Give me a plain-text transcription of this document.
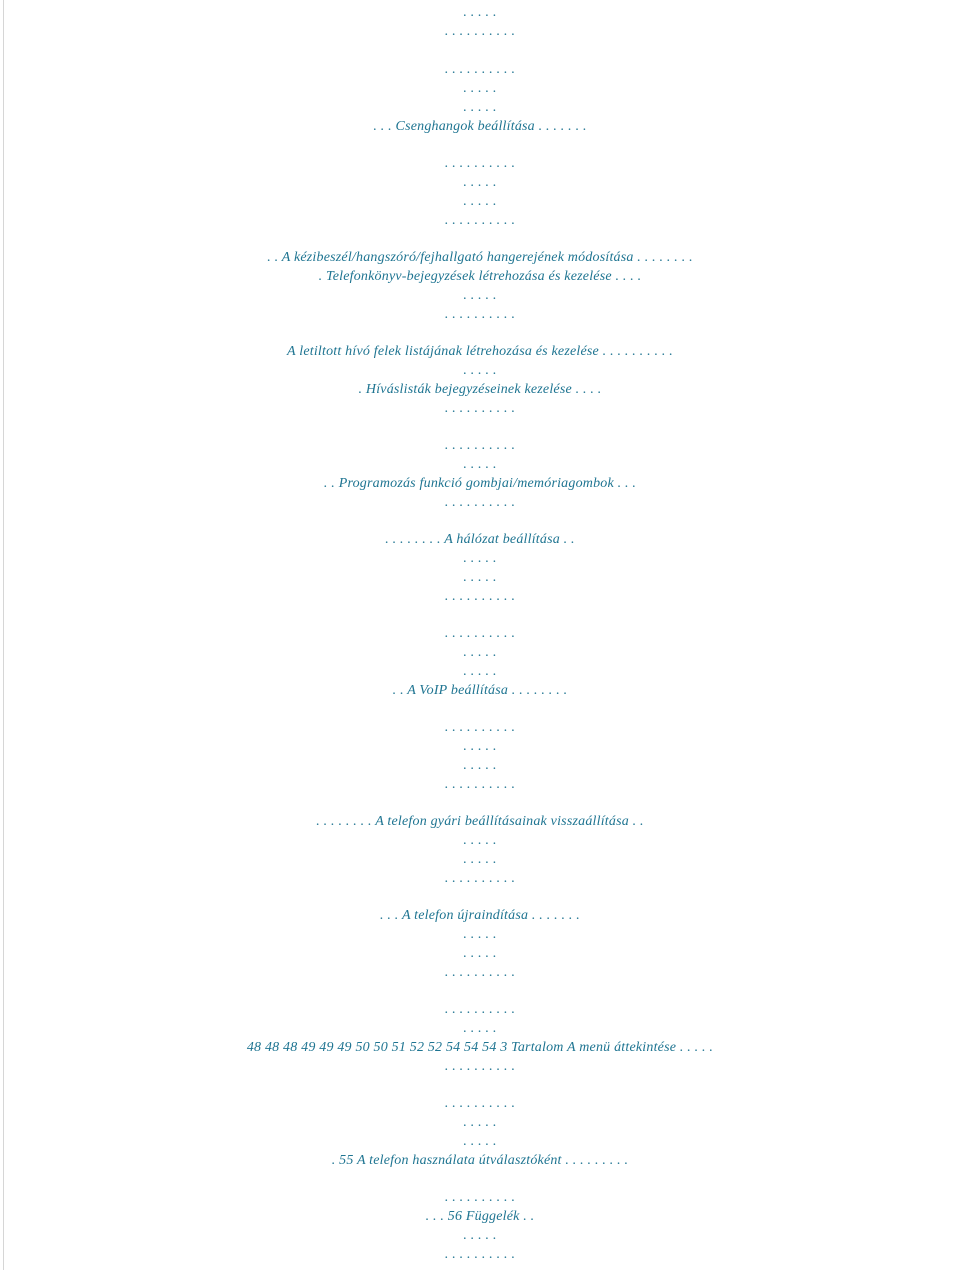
. . . . .
. . . . . . . . . .
. . . . . . . . . .
. . . . .
. . . . .
. . . Csenghangok beállítása . . . . . . .
. . . . . . . . . .
. . . . .
. . . . .
. . . . . . . . . .
. . A kézibeszél/hangszóró/fejhallgató hangerejének módosítása . . . . . . . .
. Telefonkönyv-bejegyzések létrehozása és kezelése . . . .
. . . . .
. . . . . . . . . .
A letiltott hívó felek listájának létrehozása és kezelése . . . . . . . . . .
. . . . .
. Híváslisták bejegyzéseinek kezelése . . . .
. . . . . . . . . .
. . . . . . . . . .
. . . . .
. . Programozás funkció gombjai/memóriagombok . . .
. . . . . . . . . .
. . . . . . . . A hálózat beállítása . .
. . . . .
. . . . .
. . . . . . . . . .
. . . . . . . . . .
. . . . .
. . . . .
. . A VoIP beállítása . . . . . . . .
. . . . . . . . . .
. . . . .
. . . . .
. . . . . . . . . .
. . . . . . . . A telefon gyári beállításainak visszaállítása . .
. . . . .
. . . . .
. . . . . . . . . .
. . . A telefon újraindítása . . . . . . .
. . . . .
. . . . .
. . . . . . . . . .
. . . . . . . . . .
. . . . .
48 48 48 49 49 49 50 50 51 52 52 54 54 54 3 Tartalom A menü áttekintése . . . . .
. . . . . . . . . .
. . . . . . . . . .
. . . . .
. . . . .
. 55 A telefon használata útválasztóként . . . . . . . . .
. . . . . . . . . .
. . . 56 Függelék . .
. . . . .
. . . . . . . . . .
